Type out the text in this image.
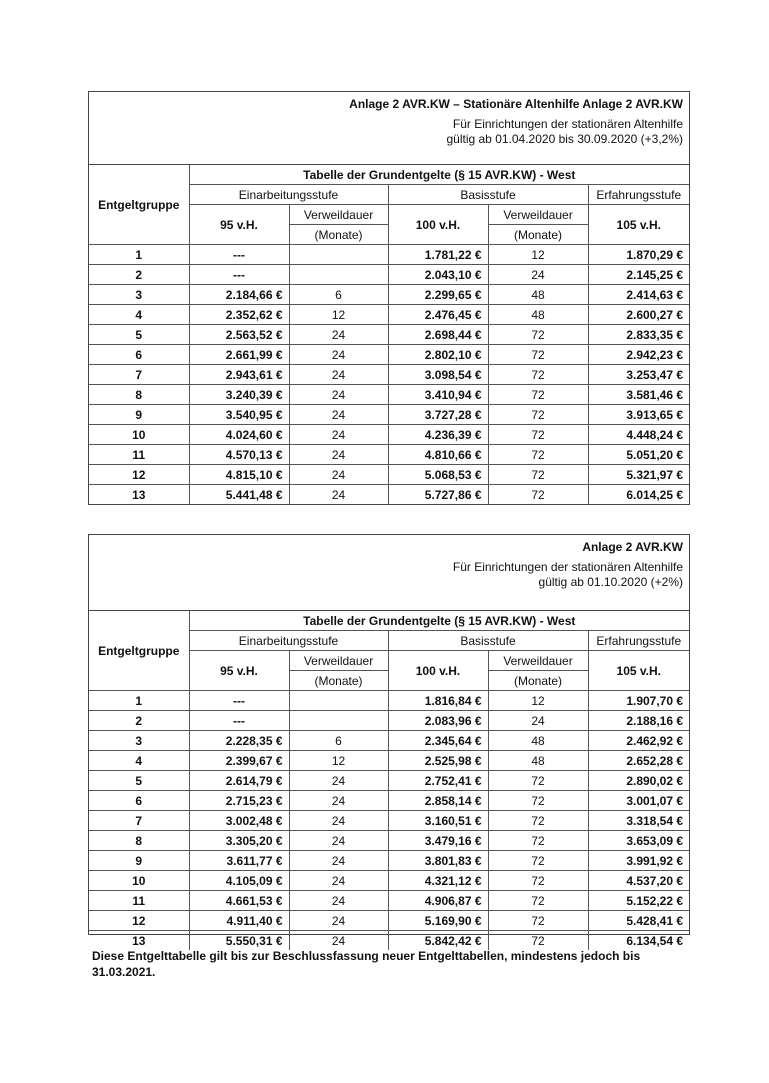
Anlage 2 AVR.KW – Stationäre Altenhilfe Anlage 2 AVR.KW
Für Einrichtungen der stationären Altenhilfe
gültig ab 01.04.2020 bis 30.09.2020 (+3,2%)
Entgeltgruppe	Tabelle der Grundentgelte (§ 15 AVR.KW) - West				
	Einarbeitungsstufe		Basisstufe		Erfahrungsstufe
	95 v.H.	Verweildauer	100 v.H.	Verweildauer	105 v.H.
		(Monate)		(Monate)	
1	---		1.781,22 €	12	1.870,29 €
2	---		2.043,10 €	24	2.145,25 €
3	2.184,66 €	6	2.299,65 €	48	2.414,63 €
4	2.352,62 €	12	2.476,45 €	48	2.600,27 €
5	2.563,52 €	24	2.698,44 €	72	2.833,35 €
6	2.661,99 €	24	2.802,10 €	72	2.942,23 €
7	2.943,61 €	24	3.098,54 €	72	3.253,47 €
8	3.240,39 €	24	3.410,94 €	72	3.581,46 €
9	3.540,95 €	24	3.727,28 €	72	3.913,65 €
10	4.024,60 €	24	4.236,39 €	72	4.448,24 €
11	4.570,13 €	24	4.810,66 €	72	5.051,20 €
12	4.815,10 €	24	5.068,53 €	72	5.321,97 €
13	5.441,48 €	24	5.727,86 €	72	6.014,25 €
Anlage 2 AVR.KW
Für Einrichtungen der stationären Altenhilfe
gültig ab 01.10.2020 (+2%)
Entgeltgruppe	Tabelle der Grundentgelte (§ 15 AVR.KW) - West				
	Einarbeitungsstufe		Basisstufe		Erfahrungsstufe
	95 v.H.	Verweildauer	100 v.H.	Verweildauer	105 v.H.
		(Monate)		(Monate)	
1	---		1.816,84 €	12	1.907,70 €
2	---		2.083,96 €	24	2.188,16 €
3	2.228,35 €	6	2.345,64 €	48	2.462,92 €
4	2.399,67 €	12	2.525,98 €	48	2.652,28 €
5	2.614,79 €	24	2.752,41 €	72	2.890,02 €
6	2.715,23 €	24	2.858,14 €	72	3.001,07 €
7	3.002,48 €	24	3.160,51 €	72	3.318,54 €
8	3.305,20 €	24	3.479,16 €	72	3.653,09 €
9	3.611,77 €	24	3.801,83 €	72	3.991,92 €
10	4.105,09 €	24	4.321,12 €	72	4.537,20 €
11	4.661,53 €	24	4.906,87 €	72	5.152,22 €
12	4.911,40 €	24	5.169,90 €	72	5.428,41 €
13	5.550,31 €	24	5.842,42 €	72	6.134,54 €
Diese Entgelttabelle gilt bis zur Beschlussfassung neuer Entgelttabellen, mindestens jedoch bis 31.03.2021.
